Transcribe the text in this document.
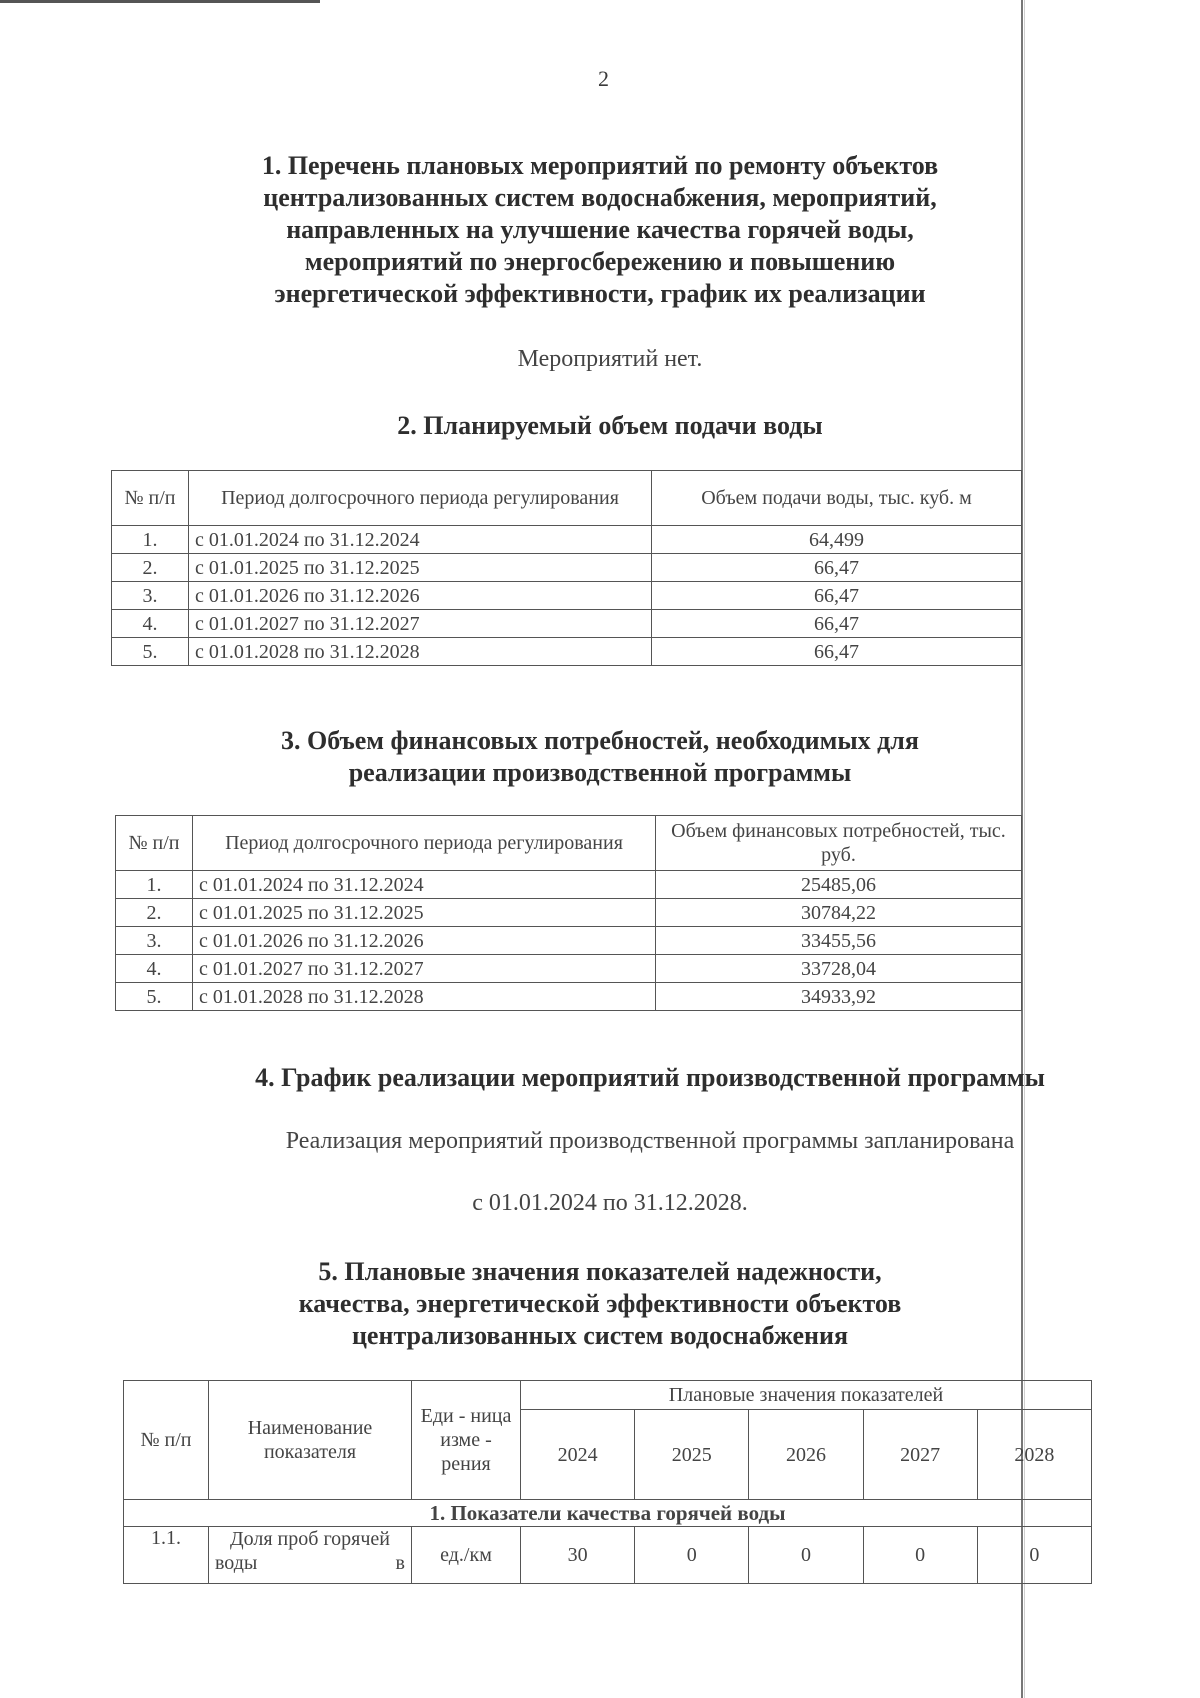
2
1. Перечень плановых мероприятий по ремонту объектов централизованных систем водоснабжения, мероприятий, направленных на улучшение качества горячей воды, мероприятий по энергосбережению и повышению энергетической эффективности, график их реализации
Мероприятий нет.
2. Планируемый объем подачи воды
№ п/п	Период долгосрочного периода регулирования	Объем подачи воды, тыс. куб. м
1.	с 01.01.2024 по 31.12.2024	64,499
2.	с 01.01.2025 по 31.12.2025	66,47
3.	с 01.01.2026 по 31.12.2026	66,47
4.	с 01.01.2027 по 31.12.2027	66,47
5.	с 01.01.2028 по 31.12.2028	66,47
3. Объем финансовых потребностей, необходимых для
реализации производственной программы
№ п/п	Период долгосрочного периода регулирования	Объем финансовых потребностей, тыс. руб.
1.	с 01.01.2024 по 31.12.2024	25485,06
2.	с 01.01.2025 по 31.12.2025	30784,22
3.	с 01.01.2026 по 31.12.2026	33455,56
4.	с 01.01.2027 по 31.12.2027	33728,04
5.	с 01.01.2028 по 31.12.2028	34933,92
4. График реализации мероприятий производственной программы
Реализация мероприятий производственной программы запланирована
с 01.01.2024 по 31.12.2028.
5. Плановые значения показателей надежности,
качества, энергетической эффективности объектов
централизованных систем водоснабжения
№ п/п	Наименование показателя	Еди - ница изме - рения	Плановые значения показателей				
			2024	2025	2026	2027	2028
1. Показатели качества горячей воды							
1.1.	Доля проб горячей воды в	ед./км	30	0	0	0	0
